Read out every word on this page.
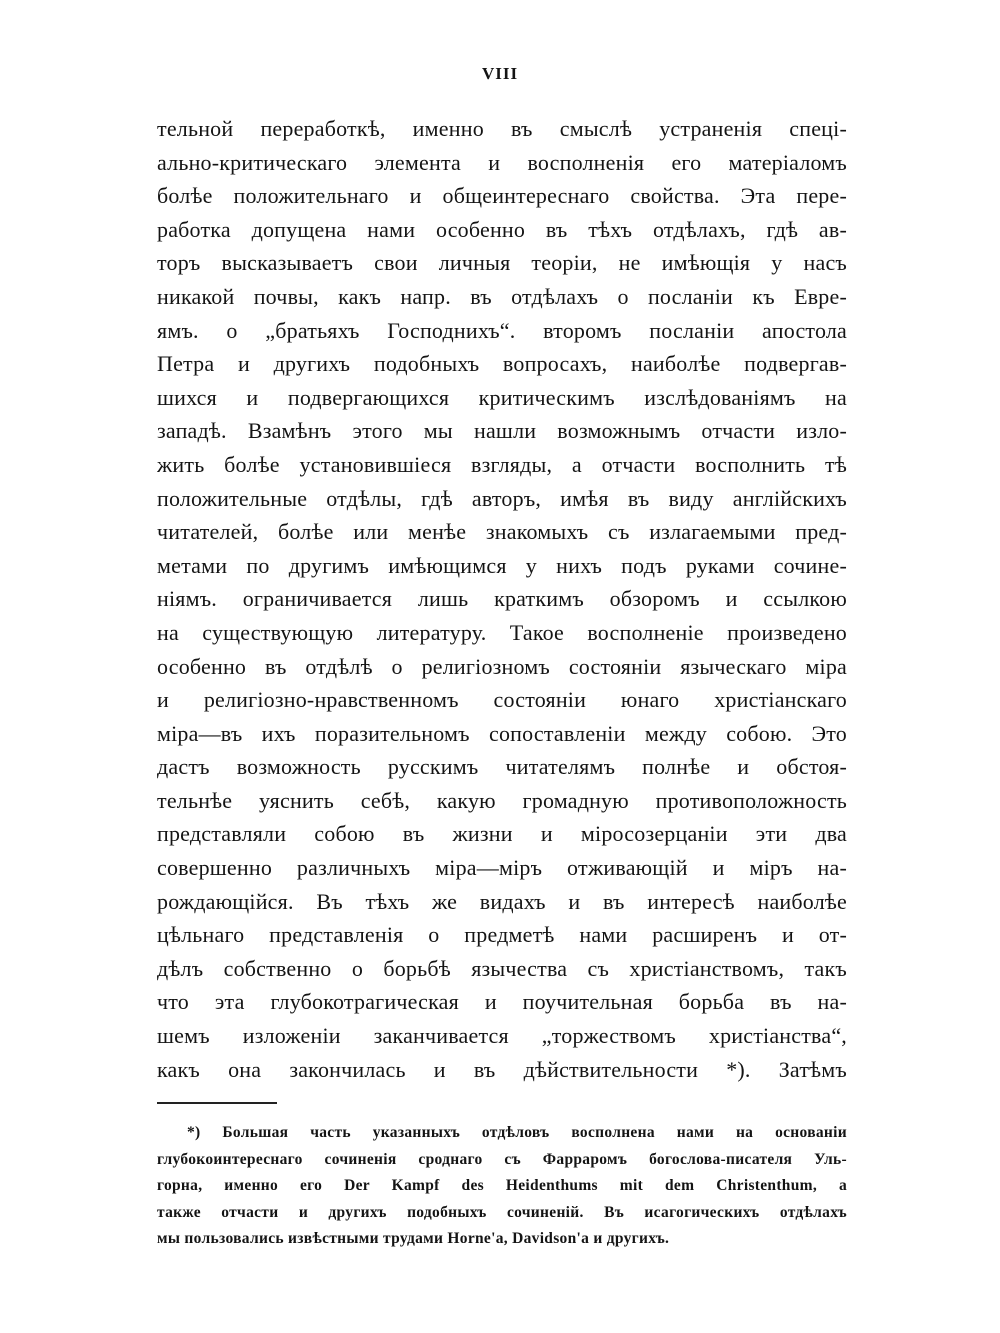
VIII
тельной переработкѣ, именно въ смыслѣ устраненія спеці-
ально-критическаго элемента и восполненія его матеріаломъ
болѣе положительнаго и общеинтереснаго свойства. Эта пере-
работка допущена нами особенно въ тѣхъ отдѣлахъ, гдѣ ав-
торъ высказываетъ свои личныя теоріи, не имѣющія у насъ
никакой почвы, какъ напр. въ отдѣлахъ о посланіи къ Евре-
ямъ. о „братьяхъ Господнихъ“. второмъ посланіи апостола
Петра и другихъ подобныхъ вопросахъ, наиболѣе подвергав-
шихся и подвергающихся критическимъ изслѣдованіямъ на
западѣ. Взамѣнъ этого мы нашли возможнымъ отчасти изло-
жить болѣе установившіеся взгляды, а отчасти восполнить тѣ
положительные отдѣлы, гдѣ авторъ, имѣя въ виду англійскихъ
читателей, болѣе или менѣе знакомыхъ съ излагаемыми пред-
метами по другимъ имѣющимся у нихъ подъ руками сочине-
ніямъ. ограничивается лишь краткимъ обзоромъ и ссылкою
на существующую литературу. Такое восполненіе произведено
особенно въ отдѣлѣ о религіозномъ состояніи языческаго міра
и религіозно-нравственномъ состояніи юнаго христіанскаго
міра—въ ихъ поразительномъ сопоставленіи между собою. Это
дастъ возможность русскимъ читателямъ полнѣе и обстоя-
тельнѣе уяснить себѣ, какую громадную противоположность
представляли собою въ жизни и міросозерцаніи эти два
совершенно различныхъ міра—міръ отживающій и міръ на-
рождающійся. Въ тѣхъ же видахъ и въ интересѣ наиболѣе
цѣльнаго представленія о предметѣ нами расширенъ и от-
дѣлъ собственно о борьбѣ язычества съ христіанствомъ, такъ
что эта глубокотрагическая и поучительная борьба въ на-
шемъ изложеніи заканчивается „торжествомъ христіанства“,
какъ она закончилась и въ дѣйствительности *). Затѣмъ
*) Большая часть указанныхъ отдѣловъ восполнена нами на основаніи
глубокоинтереснаго сочиненія сроднаго съ Фарраромъ богослова-писателя Уль-
горна, именно его Der Kampf des Heidenthums mit dem Christenthum, а
также отчасти и другихъ подобныхъ сочиненій. Въ исагогическихъ отдѣлахъ
мы пользовались извѣстными трудами Horne'a, Davidson'a и другихъ.
